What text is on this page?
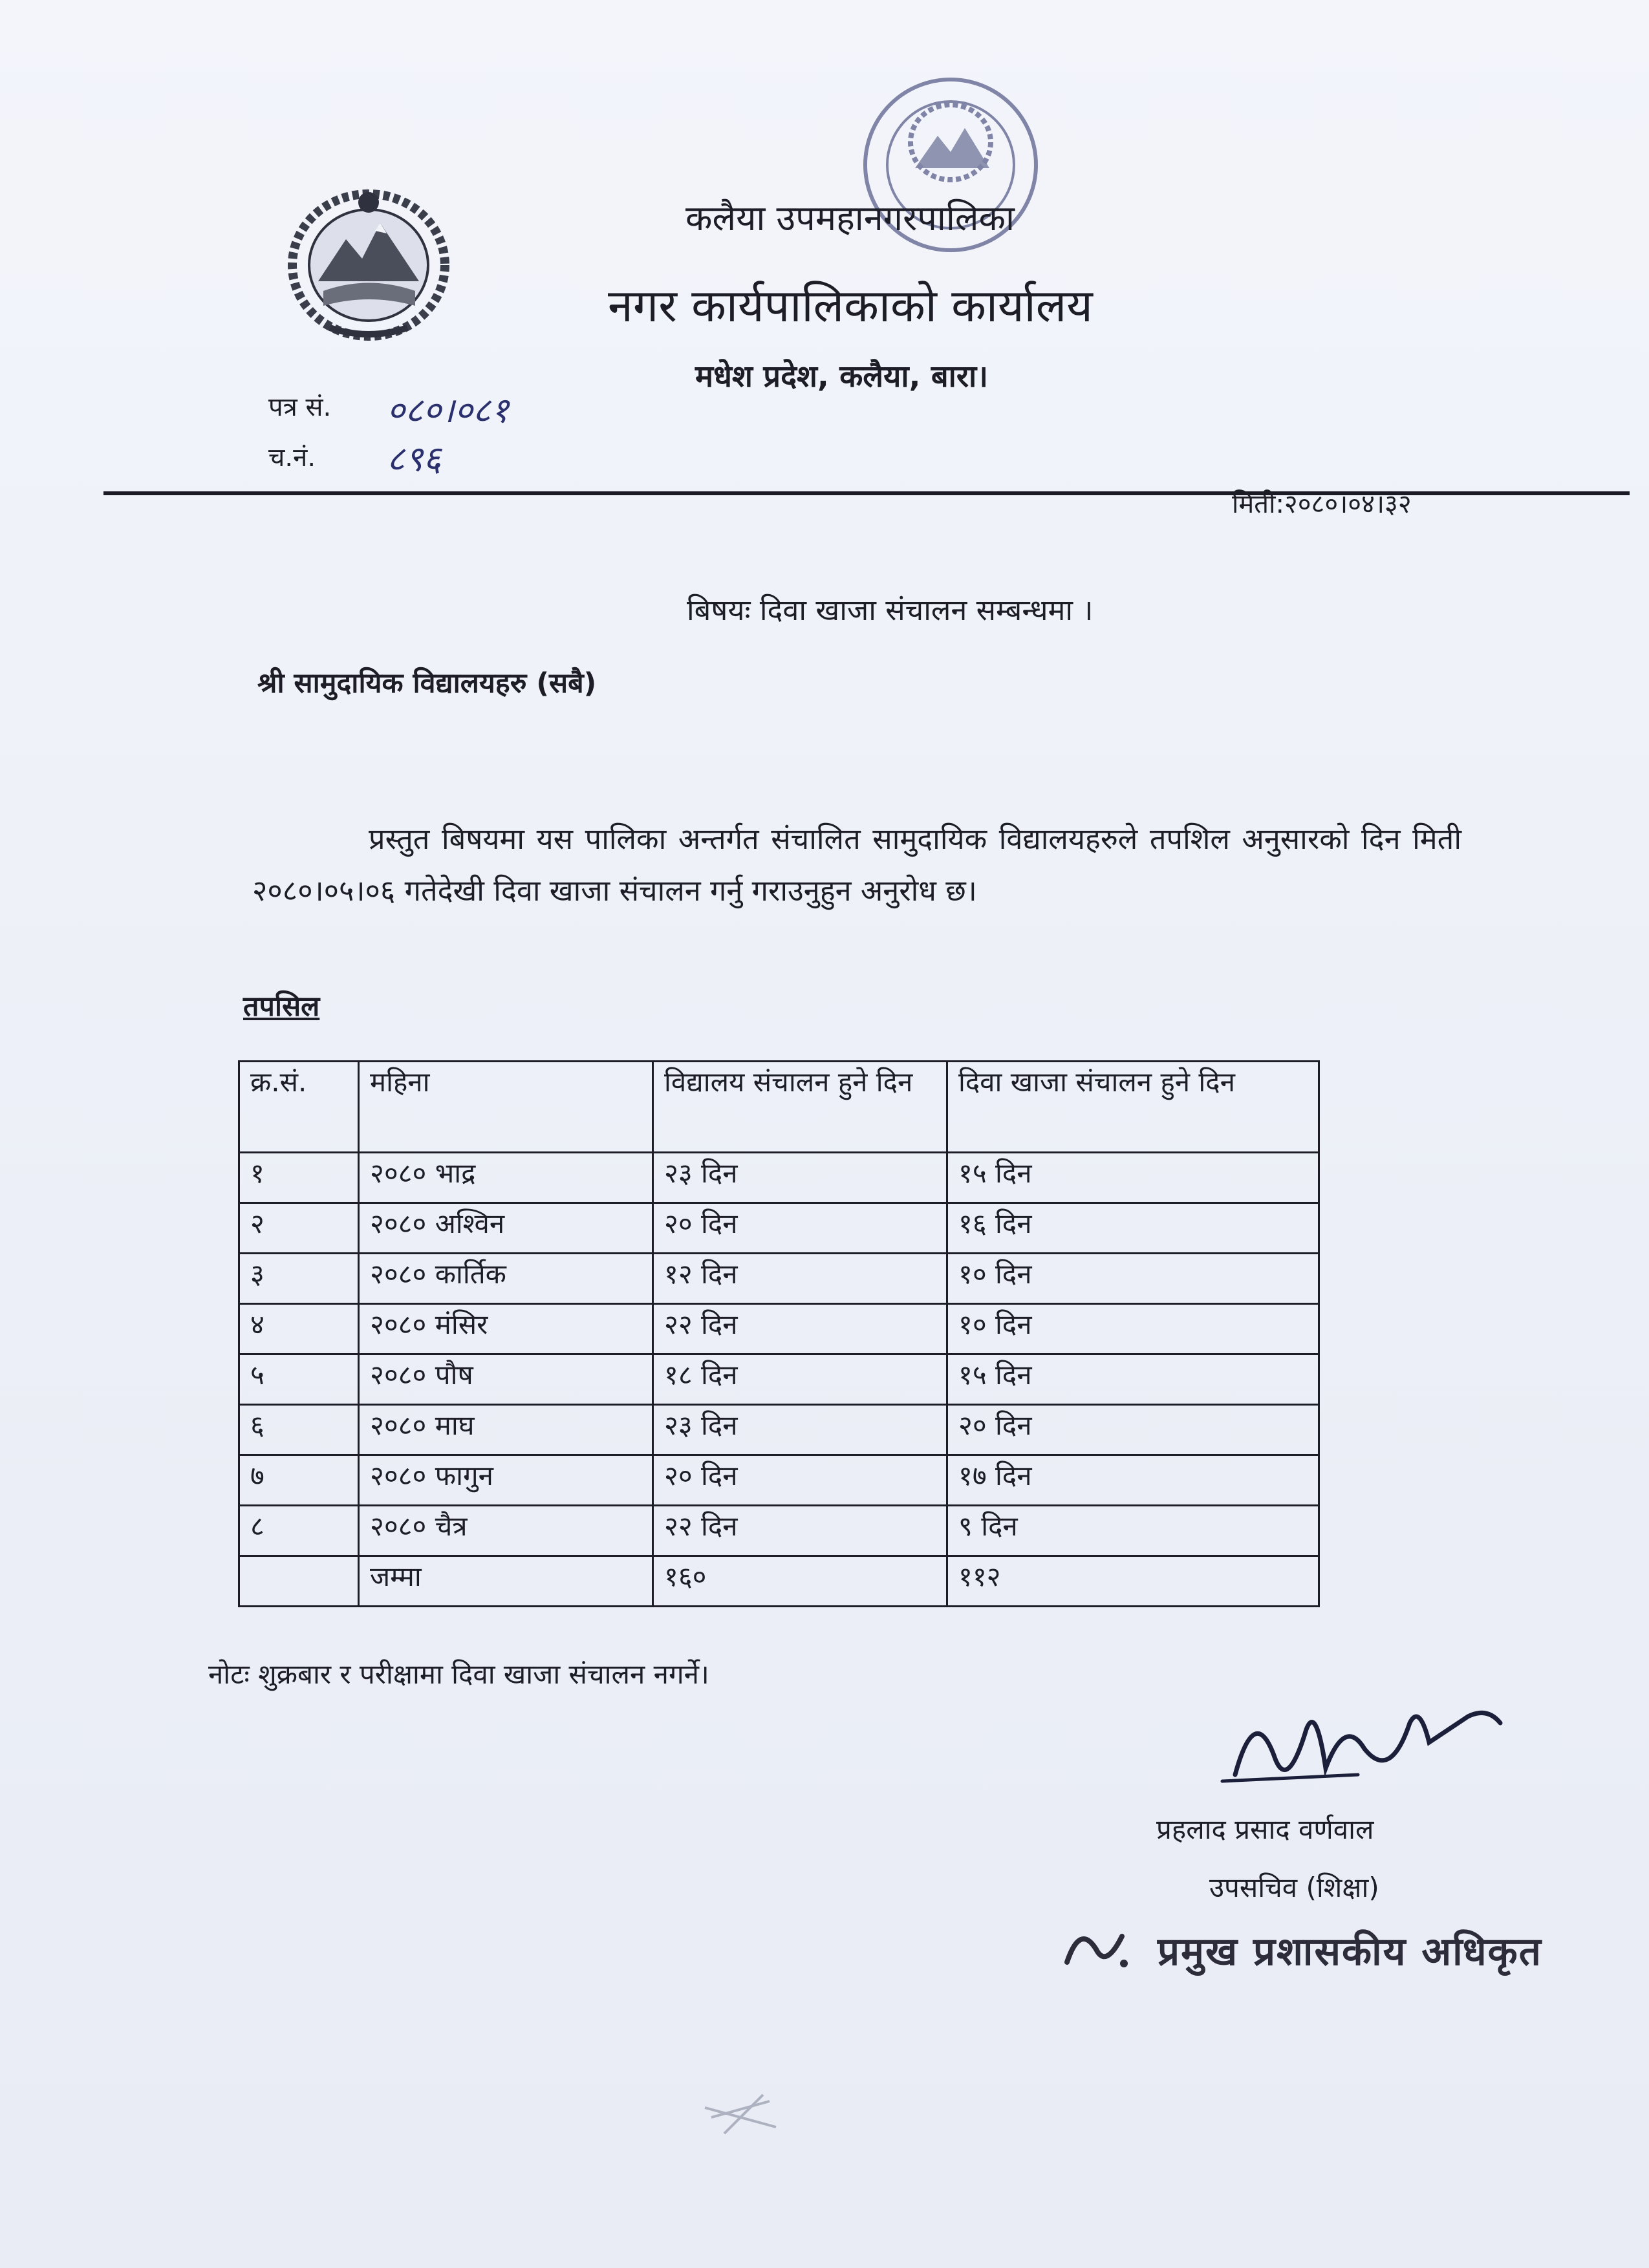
कलैया उपमहानगरपालिका
नगर कार्यपालिकाको कार्यालय
मधेश प्रदेश, कलैया, बारा।
पत्र सं. ०८०।०८१
च.नं. ८९६
मिती:२०८०।०४।३२
बिषयः दिवा खाजा संचालन सम्बन्धमा ।
श्री सामुदायिक विद्यालयहरु (सबै)
प्रस्तुत बिषयमा यस पालिका अन्तर्गत संचालित सामुदायिक विद्यालयहरुले तपशिल अनुसारको दिन मिती २०८०।०५।०६ गतेदेखी दिवा खाजा संचालन गर्नु गराउनुहुन अनुरोध छ।
तपसिल
क्र.सं.	महिना	विद्यालय संचालन हुने दिन	दिवा खाजा संचालन हुने दिन
१	२०८० भाद्र	२३ दिन	१५ दिन
२	२०८० अश्विन	२० दिन	१६ दिन
३	२०८० कार्तिक	१२ दिन	१० दिन
४	२०८० मंसिर	२२ दिन	१० दिन
५	२०८० पौष	१८ दिन	१५ दिन
६	२०८० माघ	२३ दिन	२० दिन
७	२०८० फागुन	२० दिन	१७ दिन
८	२०८० चैत्र	२२ दिन	९ दिन
	जम्मा	१६०	११२
नोटः शुक्रबार र परीक्षामा दिवा खाजा संचालन नगर्ने।
प्रहलाद प्रसाद वर्णवाल
उपसचिव (शिक्षा)
प्रमुख प्रशासकीय अधिकृत
